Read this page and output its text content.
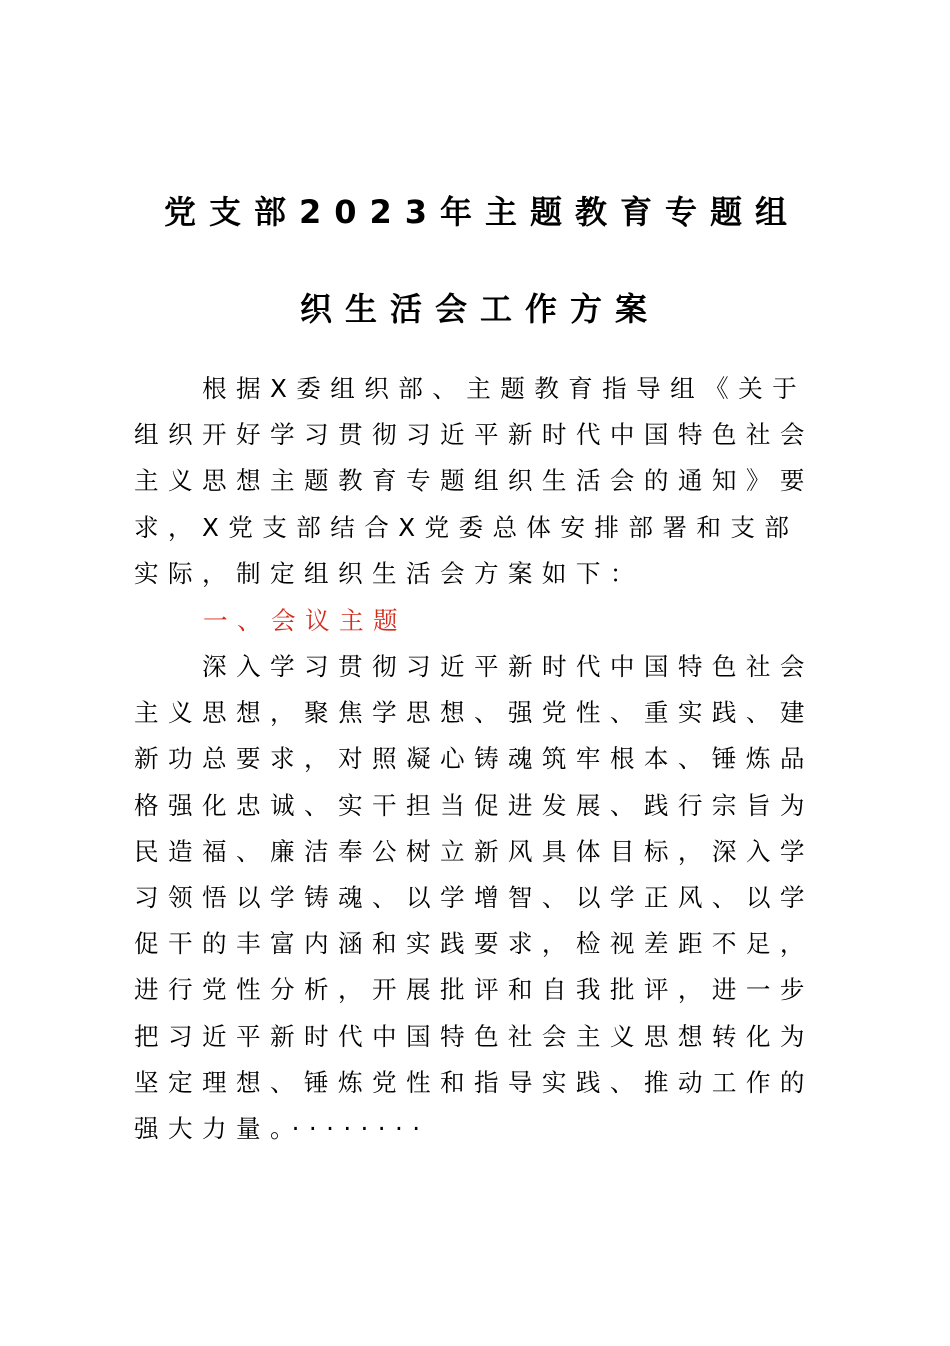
党支部2023年主题教育专题组

织生活会工作方案

根据X委组织部、主题教育指导组《关于组织开好学习贯彻习近平新时代中国特色社会主义思想主题教育专题组织生活会的通知》要求，X党支部结合X党委总体安排部署和支部实际，制定组织生活会方案如下：

一、会议主题

深入学习贯彻习近平新时代中国特色社会主义思想，聚焦学思想、强党性、重实践、建新功总要求，对照凝心铸魂筑牢根本、锤炼品格强化忠诚、实干担当促进发展、践行宗旨为民造福、廉洁奉公树立新风具体目标，深入学习领悟以学铸魂、以学增智、以学正风、以学促干的丰富内涵和实践要求，检视差距不足，进行党性分析，开展批评和自我批评，进一步把习近平新时代中国特色社会主义思想转化为坚定理想、锤炼党性和指导实践、推动工作的强大力量。········
